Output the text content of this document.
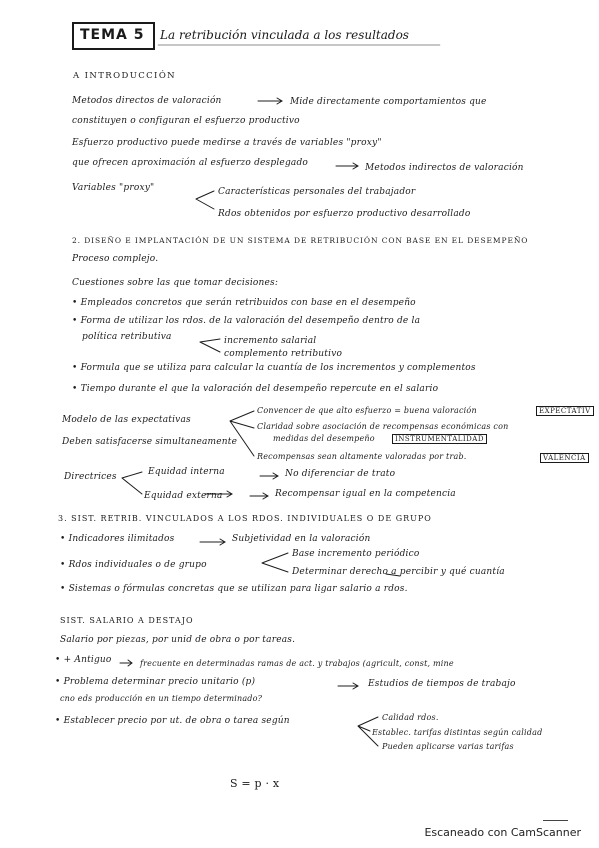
TEMA 5 La retribución vinculada a los resultados
A INTRODUCCIÓN
Metodos directos de valoración	Mide directamente comportamientos que
constituyen o configuran el esfuerzo productivo
Esfuerzo productivo puede medirse a través de variables "proxy"
que ofrecen aproximación al esfuerzo desplegado	Metodos indirectos de valoración
Variables "proxy"	Características personales del trabajador
Rdos obtenidos por esfuerzo productivo desarrollado
2. DISEÑO E IMPLANTACIÓN DE UN SISTEMA DE RETRIBUCIÓN CON BASE EN EL DESEMPEÑO
Proceso complejo.
Cuestiones sobre las que tomar decisiones:
• Empleados concretos que serán retribuidos con base en el desempeño
• Forma de utilizar los rdos. de la valoración del desempeño dentro de la
política retributiva	incremento salarial
complemento retributivo
• Formula que se utiliza para calcular la cuantía de los incrementos y complementos
• Tiempo durante el que la valoración del desempeño repercute en el salario
Modelo de las expectativas
Deben satisfacerse simultaneamente
Convencer de que alto esfuerzo = buena valoración	EXPECTATIV
Claridad sobre asociación de recompensas económicas con
medidas del desempeño	INSTRUMENTALIDAD
Recompensas sean altamente valoradas por trab.	VALENCIA
Directrices	Equidad interna	No diferenciar de trato
Equidad externa	Recompensar igual en la competencia
3. SIST. RETRIB. VINCULADOS A LOS RDOS. INDIVIDUALES O DE GRUPO
• Indicadores ilimitados	Subjetividad en la valoración
• Rdos individuales o de grupo
Base incremento periódico
Determinar derecho a percibir y qué cuantía
• Sistemas o fórmulas concretas que se utilizan para ligar salario a rdos.
SIST. SALARIO A DESTAJO
Salario por piezas, por unid de obra o por tareas.
• + Antiguo	frecuente en determinadas ramas de act. y trabajos (agricult, const, mine
• Problema determinar precio unitario (p)	Estudios de tiempos de trabajo
cno eds producción en un tiempo determinado?
• Establecer precio por ut. de obra o tarea según	Calidad rdos.
Establec. tarifas distintas según calidad
Pueden aplicarse varias tarifas
S = p · x
Escaneado con CamScanner
